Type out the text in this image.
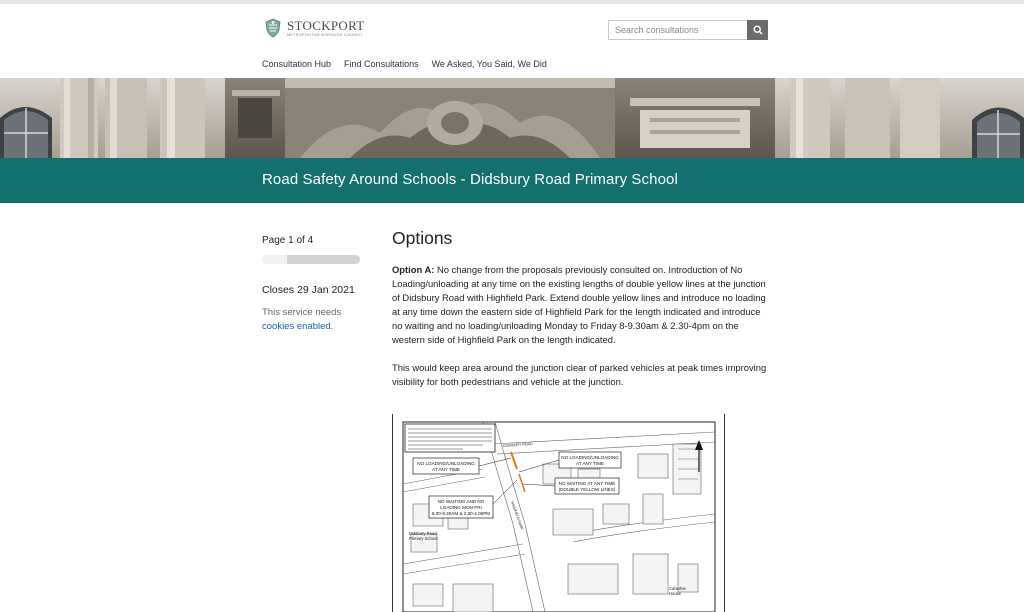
STOCKPORT
METROPOLITAN BOROUGH COUNCIL
Search consultations
Consultation Hub Find Consultations We Asked, You Said, We Did
Road Safety Around Schools - Didsbury Road Primary School
Page 1 of 4
Closes 29 Jan 2021
This service needs cookies enabled.
Options

Option A: No change from the proposals previously consulted on. Introduction of No Loading/unloading at any time on the existing lengths of double yellow lines at the junction of Didsbury Road with Highfield Park. Extend double yellow lines and introduce no loading at any time down the eastern side of Highfield Park for the length indicated and introduce no waiting and no loading/unloading Monday to Friday 8-9.30am & 2.30-4pm on the western side of Highfield Park on the length indicated.

This would keep area around the junction clear of parked vehicles at peak times improving visibility for both pedestrians and vehicle at the junction.

NO LOADING/UNLOADING
AT ANY TIME
NO LOADING/UNLOADING
AT ANY TIME
NO WAITING AT ANY TIME
(DOUBLE YELLOW LINES)
NO WAITING AND NO
LOADING MON-FRI
8.00-9.30AM & 2.30-4.00PM
Didsbury Road
Primary School
Caherlee
House
DIDSBURY ROAD
HIGHFIELD PARK
